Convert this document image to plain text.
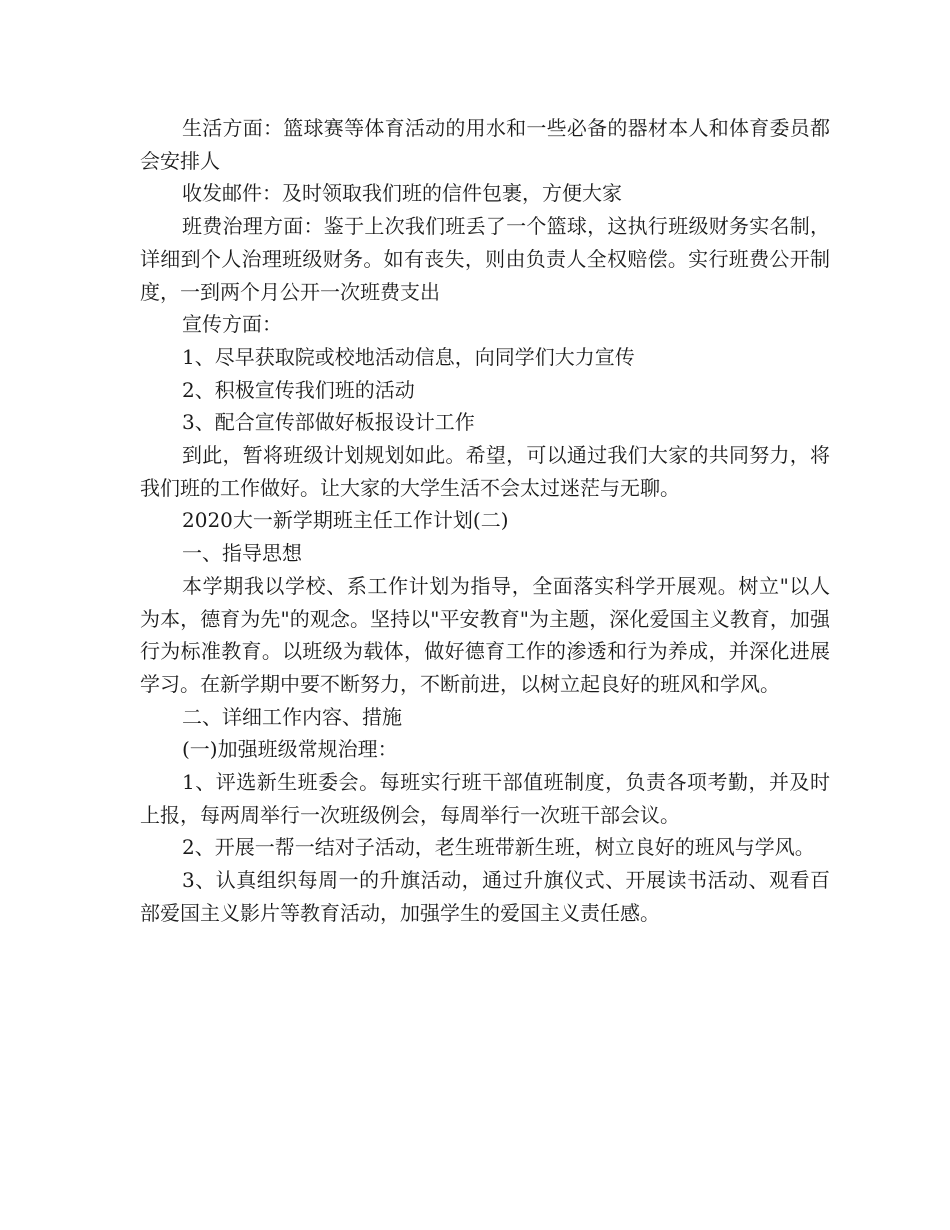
生活方面：篮球赛等体育活动的用水和一些必备的器材本人和体育委员都会安排人

收发邮件：及时领取我们班的信件包裹，方便大家

班费治理方面：鉴于上次我们班丢了一个篮球，这执行班级财务实名制，详细到个人治理班级财务。如有丧失，则由负责人全权赔偿。实行班费公开制度，一到两个月公开一次班费支出

宣传方面：

1、尽早获取院或校地活动信息，向同学们大力宣传

2、积极宣传我们班的活动

3、配合宣传部做好板报设计工作

到此，暂将班级计划规划如此。希望，可以通过我们大家的共同努力，将我们班的工作做好。让大家的大学生活不会太过迷茫与无聊。

2020大一新学期班主任工作计划(二)

一、指导思想

本学期我以学校、系工作计划为指导，全面落实科学开展观。树立"以人为本，德育为先"的观念。坚持以"平安教育"为主题，深化爱国主义教育，加强行为标准教育。以班级为载体，做好德育工作的渗透和行为养成，并深化进展学习。在新学期中要不断努力，不断前进，以树立起良好的班风和学风。

二、详细工作内容、措施

(一)加强班级常规治理：

1、评选新生班委会。每班实行班干部值班制度，负责各项考勤，并及时上报，每两周举行一次班级例会，每周举行一次班干部会议。

2、开展一帮一结对子活动，老生班带新生班，树立良好的班风与学风。

3、认真组织每周一的升旗活动，通过升旗仪式、开展读书活动、观看百部爱国主义影片等教育活动，加强学生的爱国主义责任感。
